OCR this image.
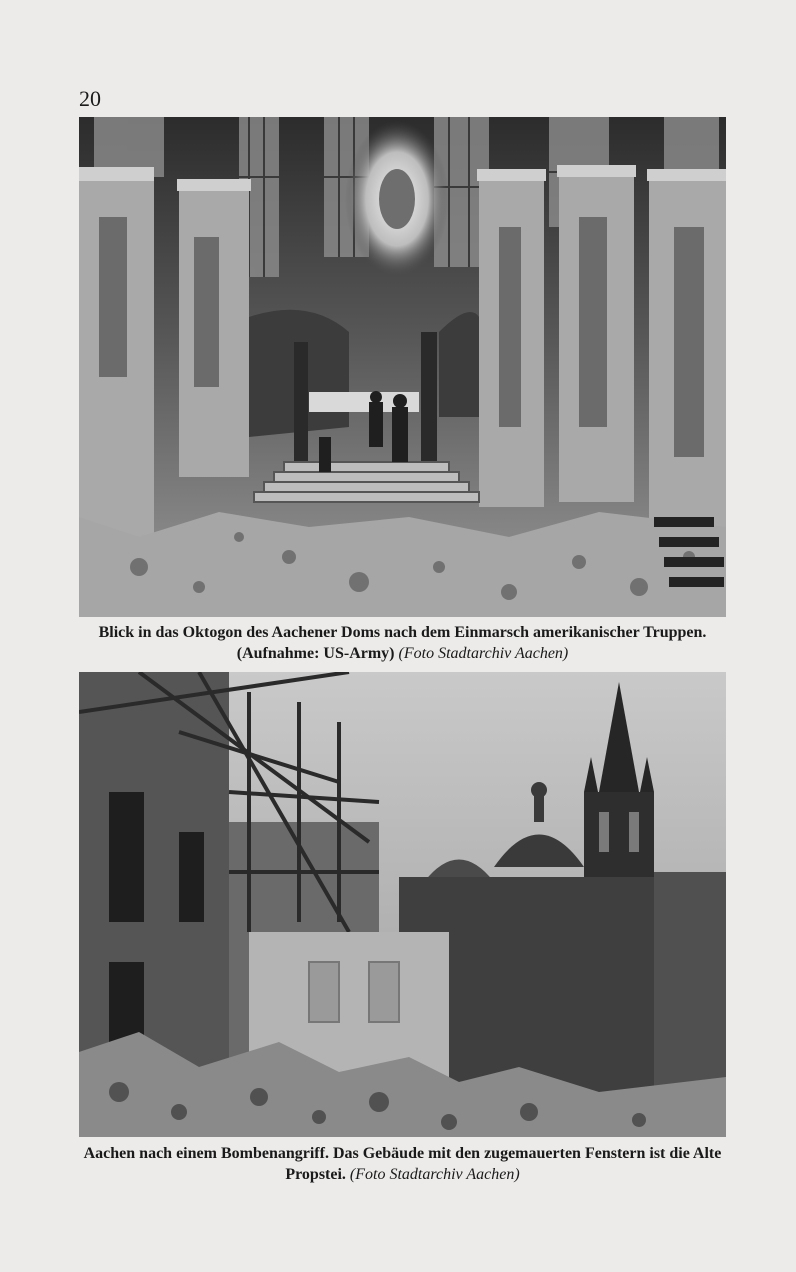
20
Blick in das Oktogon des Aachener Doms nach dem Einmarsch amerikanischer Truppen. (Aufnahme: US-Army) (Foto Stadtarchiv Aachen)
Aachen nach einem Bombenangriff. Das Gebäude mit den zugemauerten Fenstern ist die Alte Propstei. (Foto Stadtarchiv Aachen)
